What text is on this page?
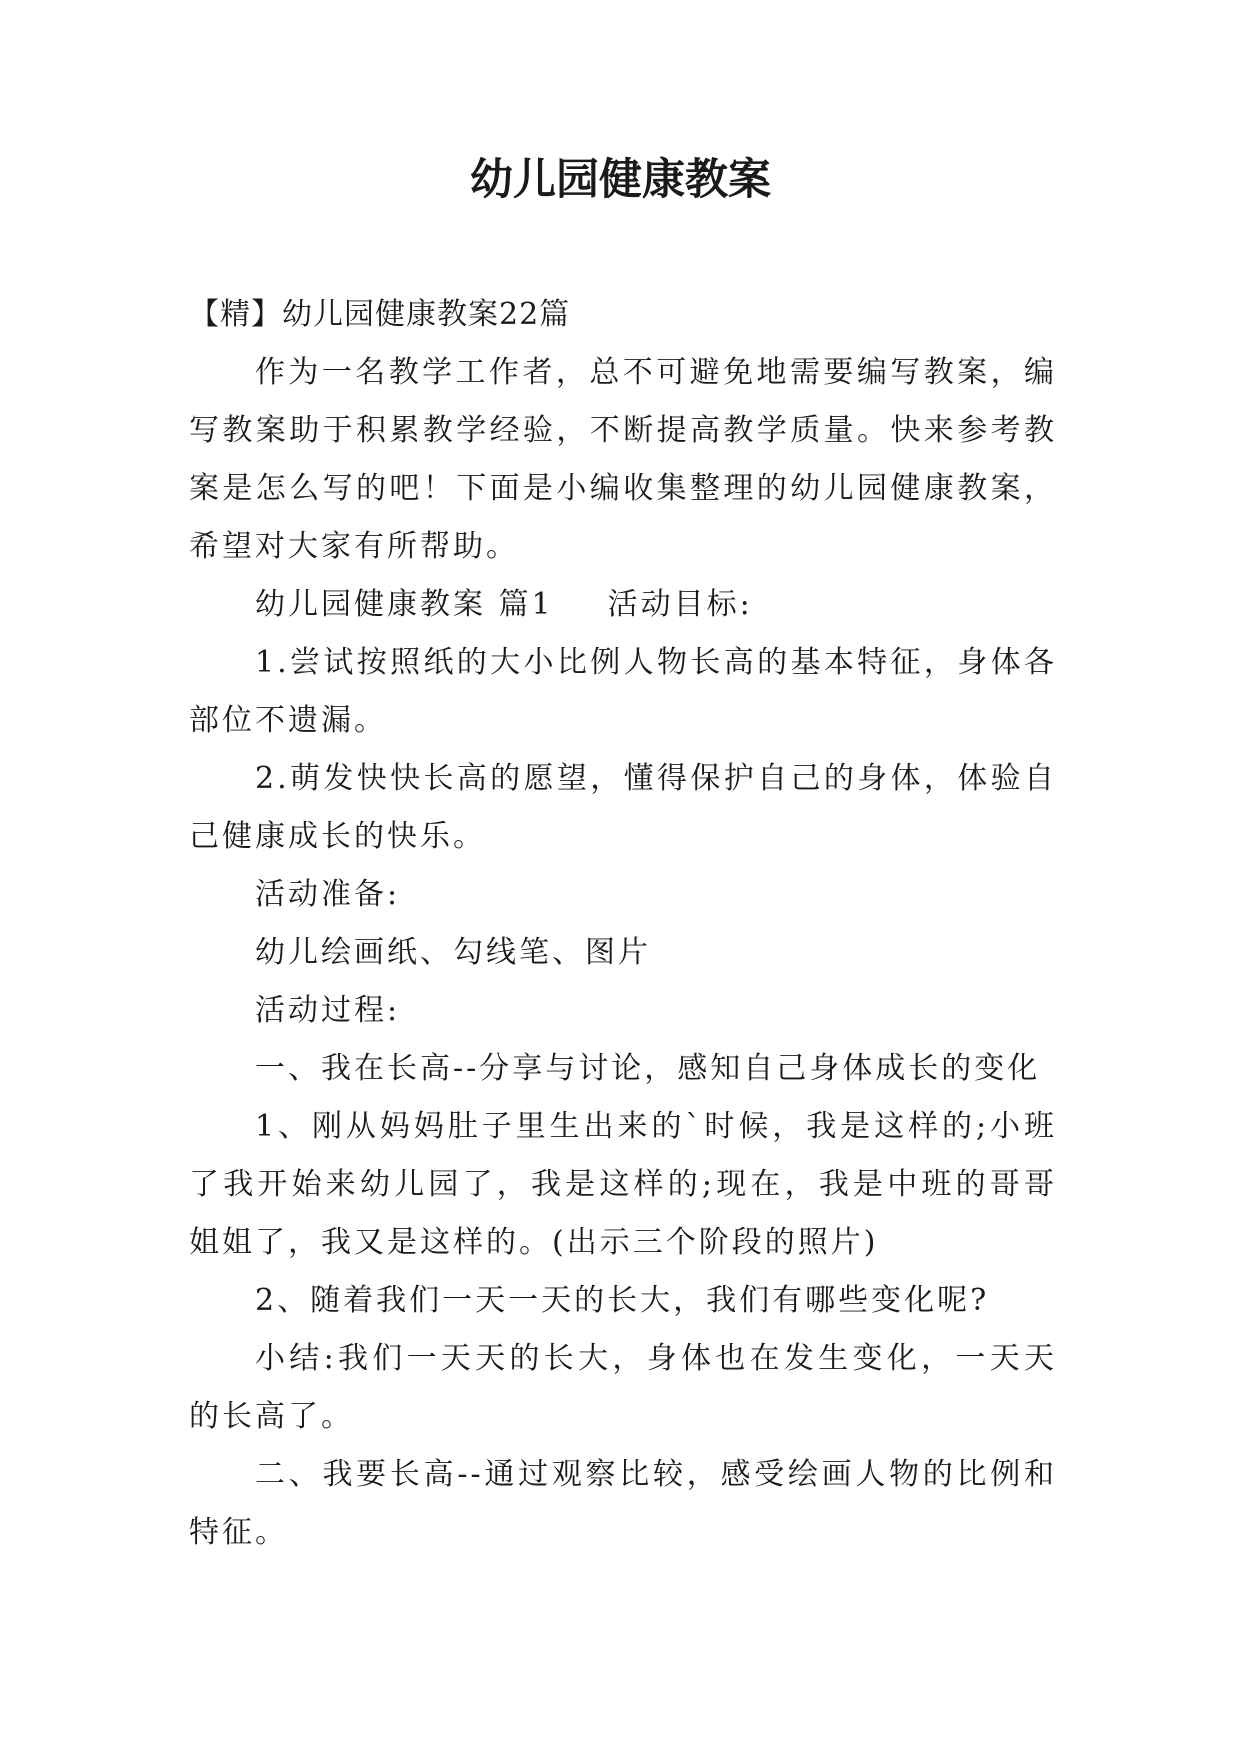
幼儿园健康教案

【精】幼儿园健康教案22篇

作为一名教学工作者，总不可避免地需要编写教案，编写教案助于积累教学经验，不断提高教学质量。快来参考教案是怎么写的吧！下面是小编收集整理的幼儿园健康教案，希望对大家有所帮助。

幼儿园健康教案 篇1 活动目标:

1.尝试按照纸的大小比例人物长高的基本特征，身体各部位不遗漏。

2.萌发快快长高的愿望，懂得保护自己的身体，体验自己健康成长的快乐。

活动准备:

幼儿绘画纸、勾线笔、图片

活动过程:

一、我在长高--分享与讨论，感知自己身体成长的变化

1、刚从妈妈肚子里生出来的`时候，我是这样的;小班了我开始来幼儿园了，我是这样的;现在，我是中班的哥哥姐姐了，我又是这样的。(出示三个阶段的照片)

2、随着我们一天一天的长大，我们有哪些变化呢?

小结:我们一天天的长大，身体也在发生变化，一天天的长高了。

二、我要长高--通过观察比较，感受绘画人物的比例和特征。
